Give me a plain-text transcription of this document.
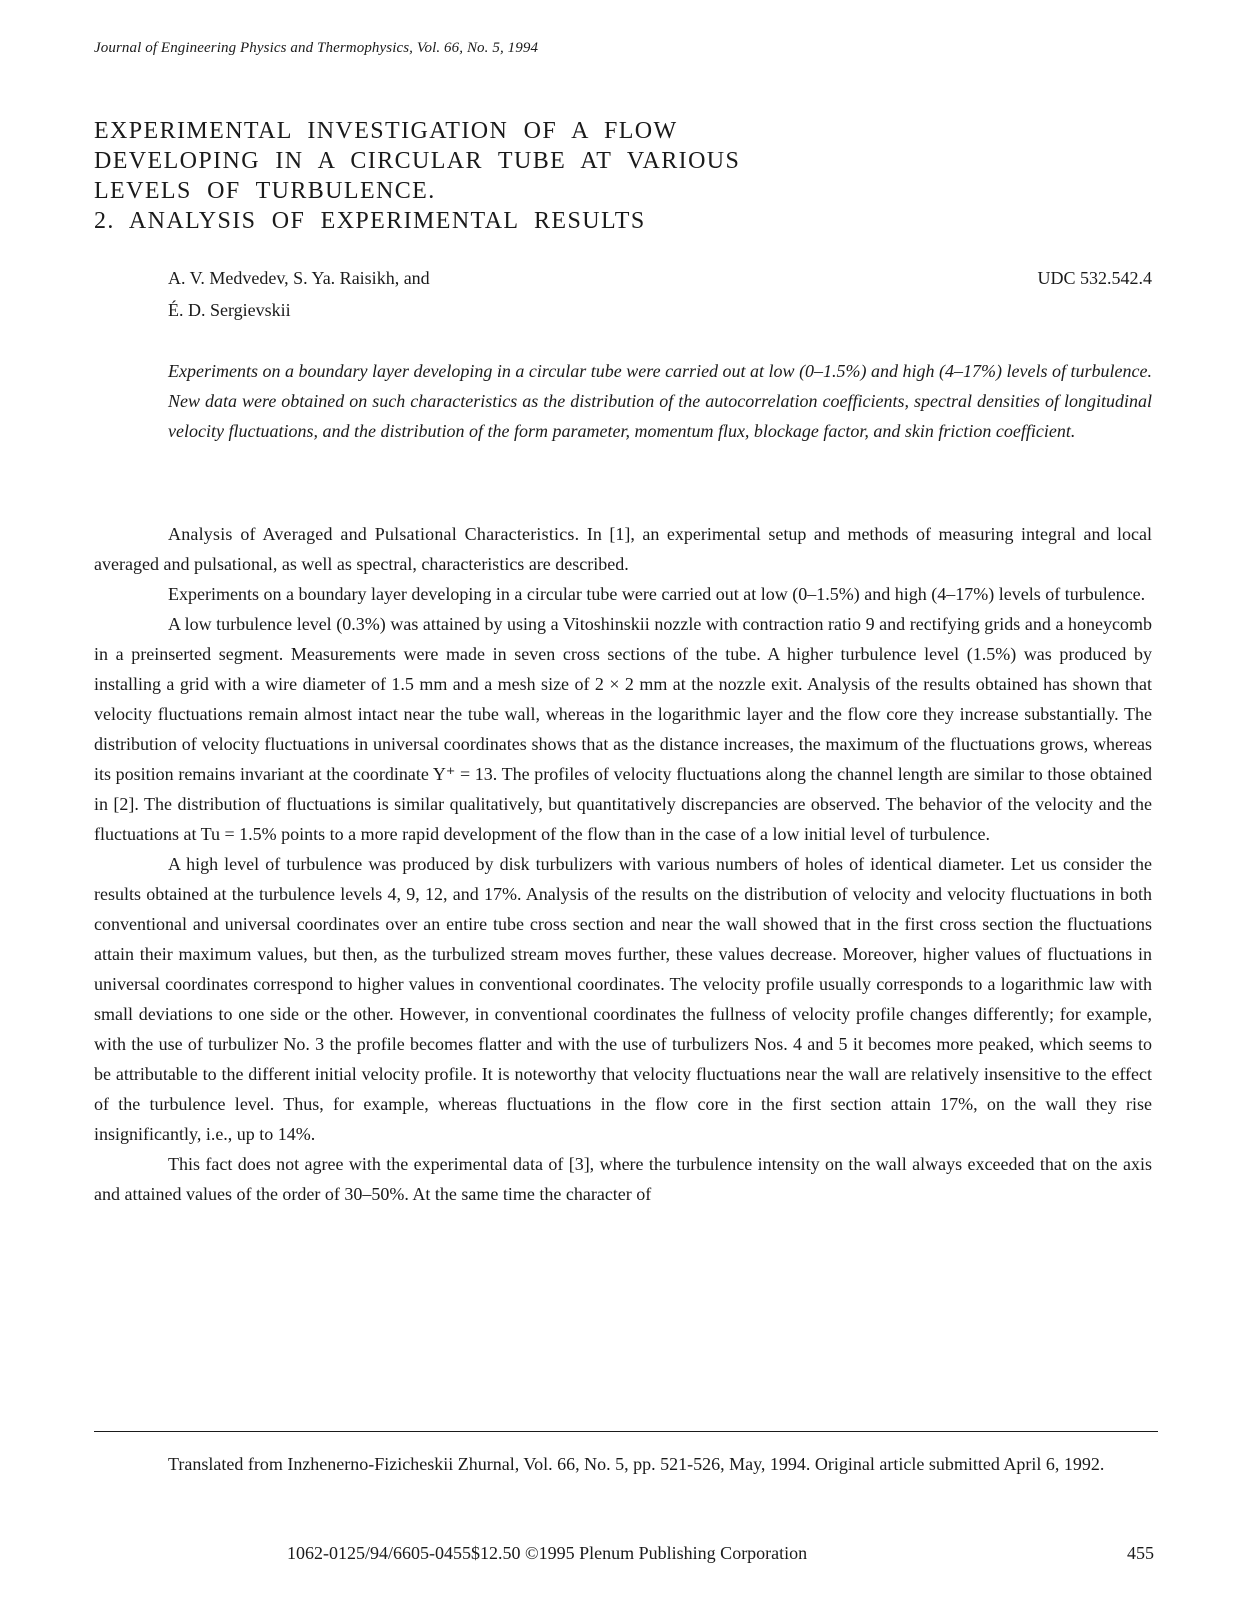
Journal of Engineering Physics and Thermophysics, Vol. 66, No. 5, 1994
EXPERIMENTAL INVESTIGATION OF A FLOW
DEVELOPING IN A CIRCULAR TUBE AT VARIOUS
LEVELS OF TURBULENCE.
2. ANALYSIS OF EXPERIMENTAL RESULTS
A. V. Medvedev, S. Ya. Raisikh, and
É. D. Sergievskii
UDC 532.542.4

Experiments on a boundary layer developing in a circular tube were carried out at low (0–1.5%) and high (4–17%) levels of turbulence. New data were obtained on such characteristics as the distribution of the autocorrelation coefficients, spectral densities of longitudinal velocity fluctuations, and the distribution of the form parameter, momentum flux, blockage factor, and skin friction coefficient.

Analysis of Averaged and Pulsational Characteristics. In [1], an experimental setup and methods of measuring integral and local averaged and pulsational, as well as spectral, characteristics are described.

Experiments on a boundary layer developing in a circular tube were carried out at low (0–1.5%) and high (4–17%) levels of turbulence.

A low turbulence level (0.3%) was attained by using a Vitoshinskii nozzle with contraction ratio 9 and rectifying grids and a honeycomb in a preinserted segment. Measurements were made in seven cross sections of the tube. A higher turbulence level (1.5%) was produced by installing a grid with a wire diameter of 1.5 mm and a mesh size of 2 × 2 mm at the nozzle exit. Analysis of the results obtained has shown that velocity fluctuations remain almost intact near the tube wall, whereas in the logarithmic layer and the flow core they increase substantially. The distribution of velocity fluctuations in universal coordinates shows that as the distance increases, the maximum of the fluctuations grows, whereas its position remains invariant at the coordinate Y⁺ = 13. The profiles of velocity fluctuations along the channel length are similar to those obtained in [2]. The distribution of fluctuations is similar qualitatively, but quantitatively discrepancies are observed. The behavior of the velocity and the fluctuations at Tu = 1.5% points to a more rapid development of the flow than in the case of a low initial level of turbulence.

A high level of turbulence was produced by disk turbulizers with various numbers of holes of identical diameter. Let us consider the results obtained at the turbulence levels 4, 9, 12, and 17%. Analysis of the results on the distribution of velocity and velocity fluctuations in both conventional and universal coordinates over an entire tube cross section and near the wall showed that in the first cross section the fluctuations attain their maximum values, but then, as the turbulized stream moves further, these values decrease. Moreover, higher values of fluctuations in universal coordinates correspond to higher values in conventional coordinates. The velocity profile usually corresponds to a logarithmic law with small deviations to one side or the other. However, in conventional coordinates the fullness of velocity profile changes differently; for example, with the use of turbulizer No. 3 the profile becomes flatter and with the use of turbulizers Nos. 4 and 5 it becomes more peaked, which seems to be attributable to the different initial velocity profile. It is noteworthy that velocity fluctuations near the wall are relatively insensitive to the effect of the turbulence level. Thus, for example, whereas fluctuations in the flow core in the first section attain 17%, on the wall they rise insignificantly, i.e., up to 14%.

This fact does not agree with the experimental data of [3], where the turbulence intensity on the wall always exceeded that on the axis and attained values of the order of 30–50%. At the same time the character of

Translated from Inzhenerno-Fizicheskii Zhurnal, Vol. 66, No. 5, pp. 521-526, May, 1994. Original article submitted April 6, 1992.

1062-0125/94/6605-0455$12.50 ©1995 Plenum Publishing Corporation	455
